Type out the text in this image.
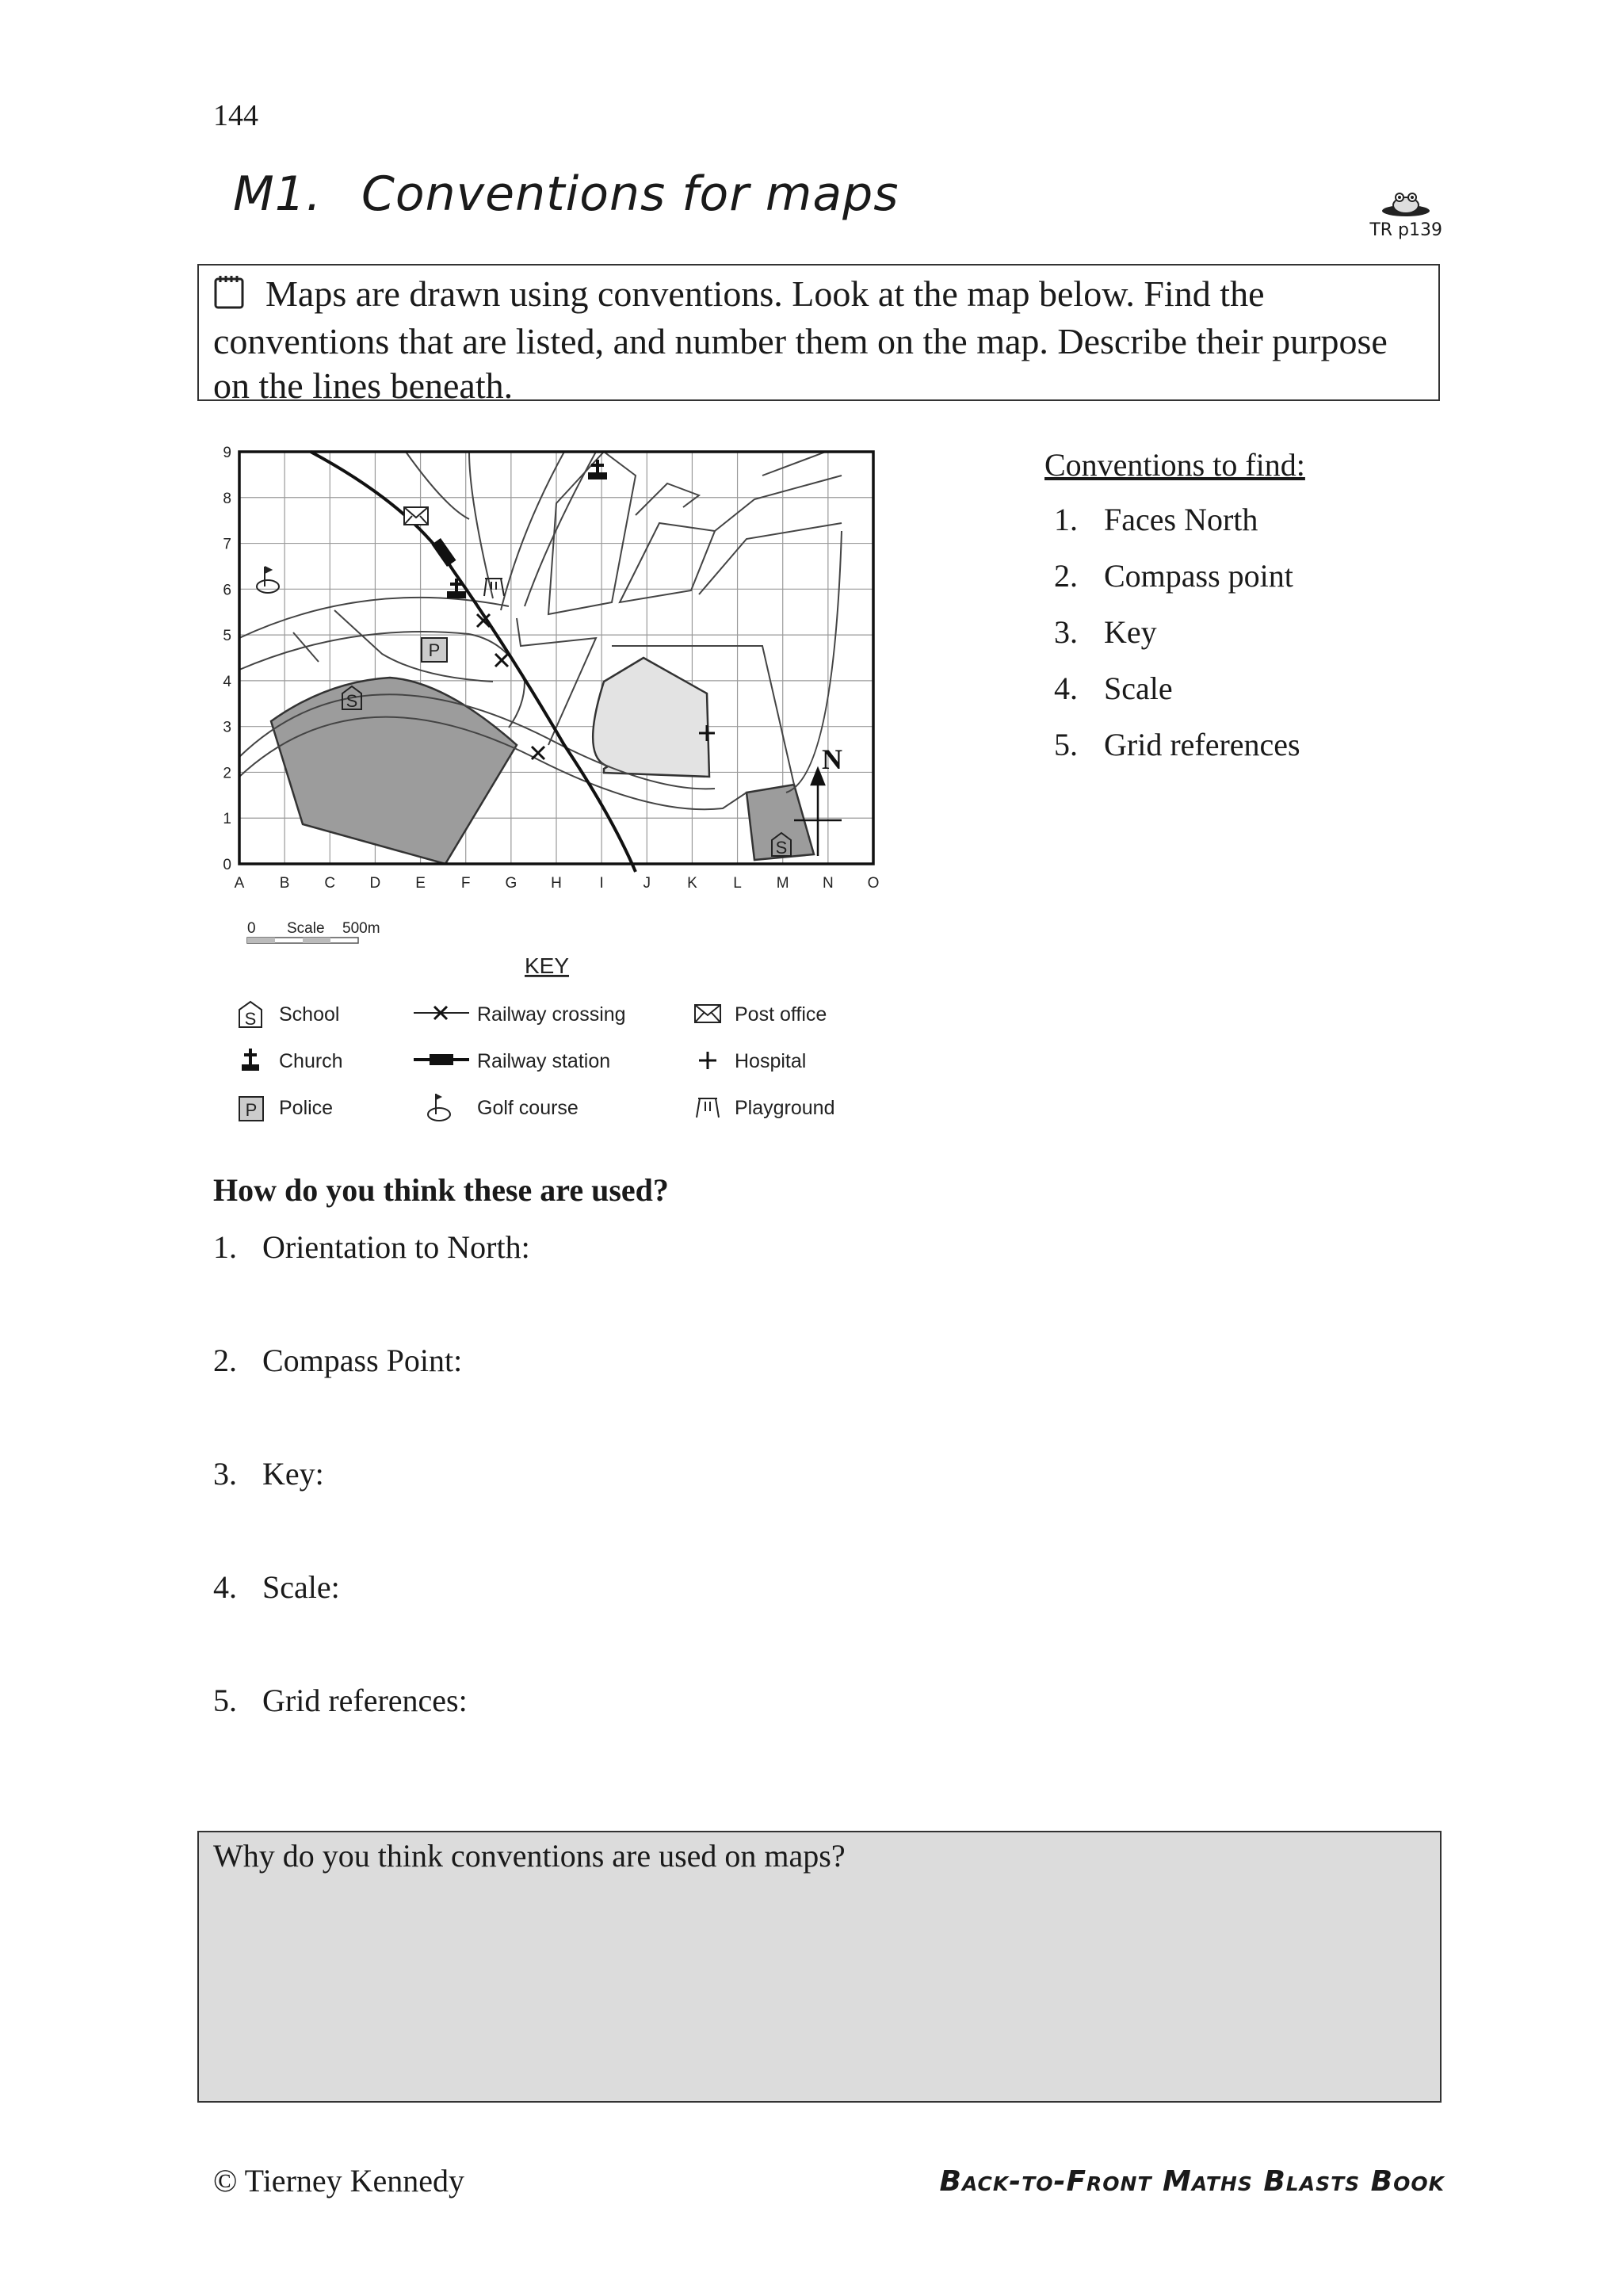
144
M1. Conventions for maps
TR p139
Maps are drawn using conventions. Look at the map below. Find the conventions that are listed, and number them on the map. Describe their purpose on the lines beneath.
0
1
2
3
4
5
6
7
8
9
A B C D E F G H	I	J K L M N O
P
S
S
N
0 Scale 500m
KEY
S School	Railway crossing	Post office
Church	Railway station	Hospital
P Police	Golf course	Playground
Conventions to find:
1. Faces North
2. Compass point
3. Key
4. Scale
5. Grid references
How do you think these are used?
1. Orientation to North:
2. Compass Point:
3. Key:
4. Scale:
5. Grid references:
Why do you think conventions are used on maps?
© Tierney Kennedy	Back-to-Front Maths Blasts Book
